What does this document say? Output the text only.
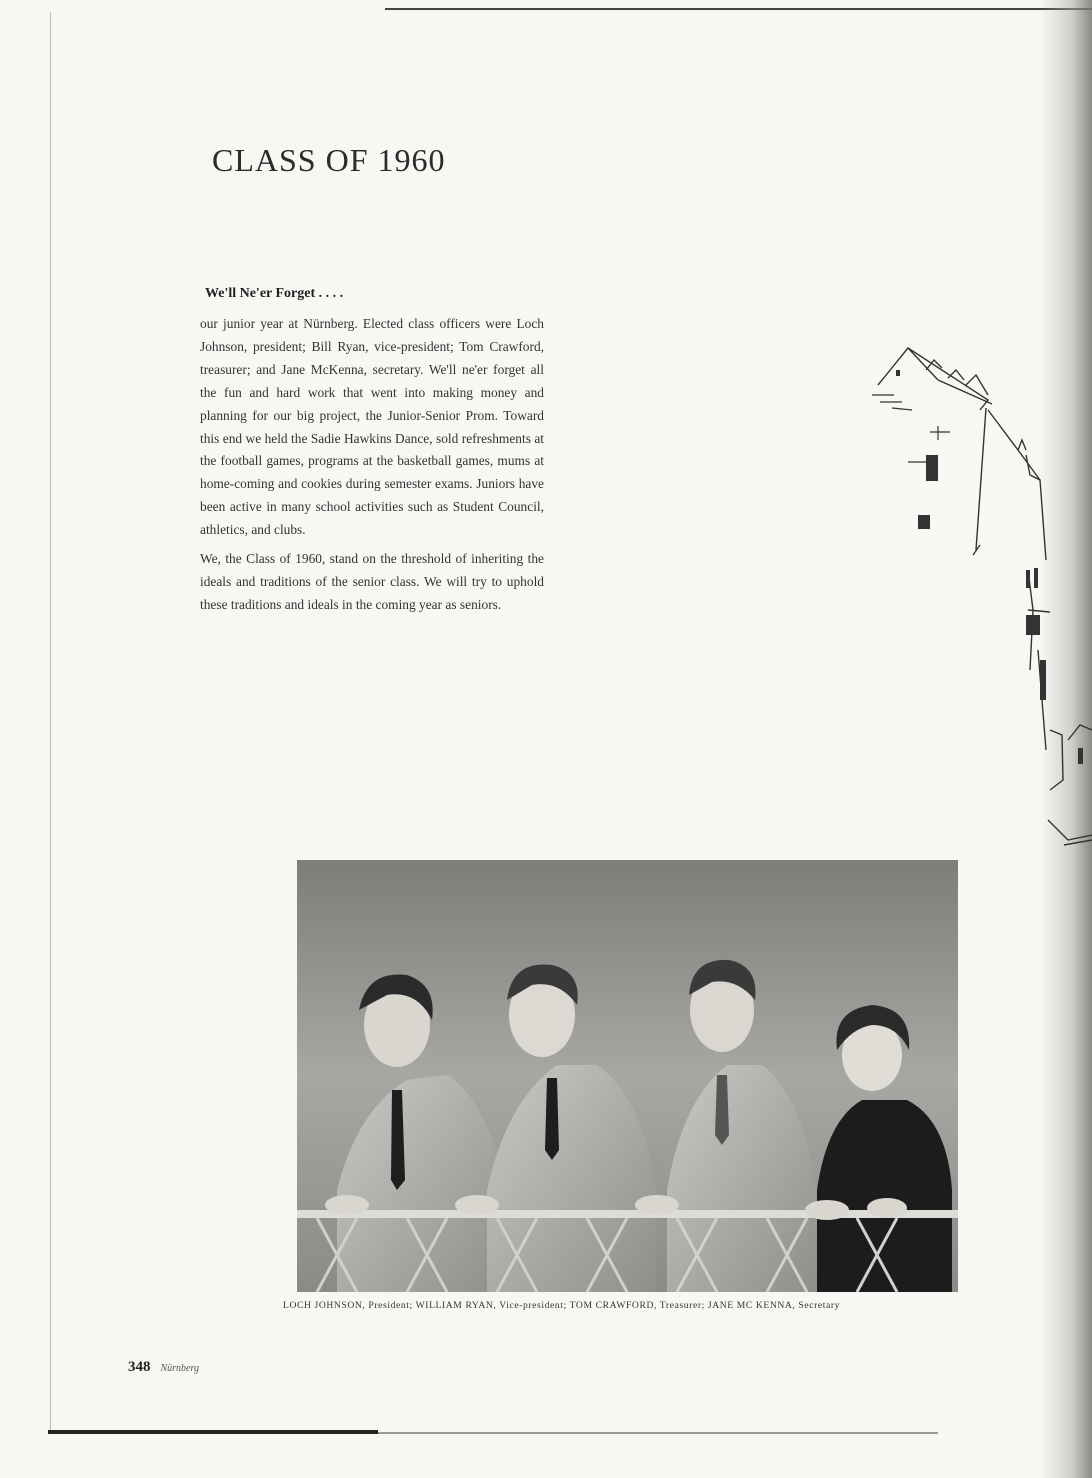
CLASS OF 1960
We'll Ne'er Forget . . . .

our junior year at Nürnberg. Elected class officers were Loch Johnson, president; Bill Ryan, vice-president; Tom Crawford, treasurer; and Jane McKenna, secretary. We'll ne'er forget all the fun and hard work that went into making money and planning for our big project, the Junior-Senior Prom. Toward this end we held the Sadie Hawkins Dance, sold refreshments at the football games, programs at the basketball games, mums at home-coming and cookies during semester exams. Juniors have been active in many school activities such as Student Council, athletics, and clubs.

We, the Class of 1960, stand on the threshold of inheriting the ideals and traditions of the senior class. We will try to uphold these traditions and ideals in the coming year as seniors.

LOCH JOHNSON, President; WILLIAM RYAN, Vice-president; TOM CRAWFORD, Treasurer; JANE MC KENNA, Secretary
348 Nürnberg
